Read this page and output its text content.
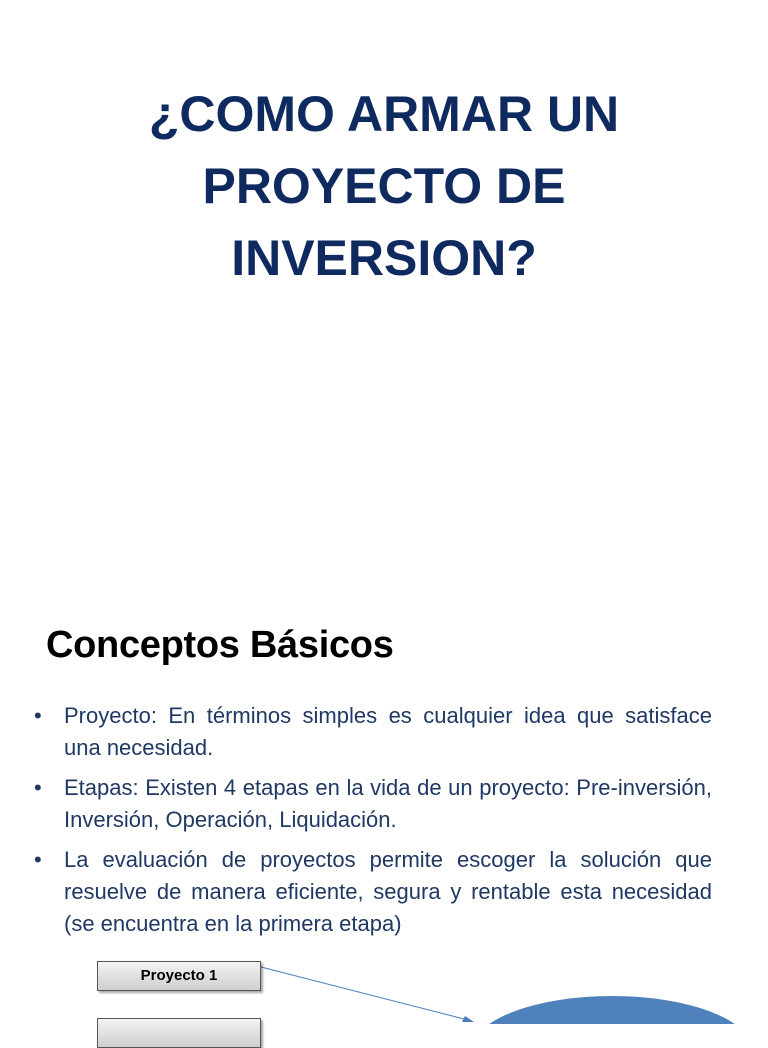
¿COMO ARMAR UN
PROYECTO DE
INVERSION?
Conceptos Básicos
• Proyecto: En términos simples es cualquier idea que satisface una necesidad.
• Etapas: Existen 4 etapas en la vida de un proyecto: Pre-inversión, Inversión, Operación, Liquidación.
• La evaluación de proyectos permite escoger la solución que resuelve de manera eficiente, segura y rentable esta necesidad (se encuentra en la primera etapa)
Proyecto 1
